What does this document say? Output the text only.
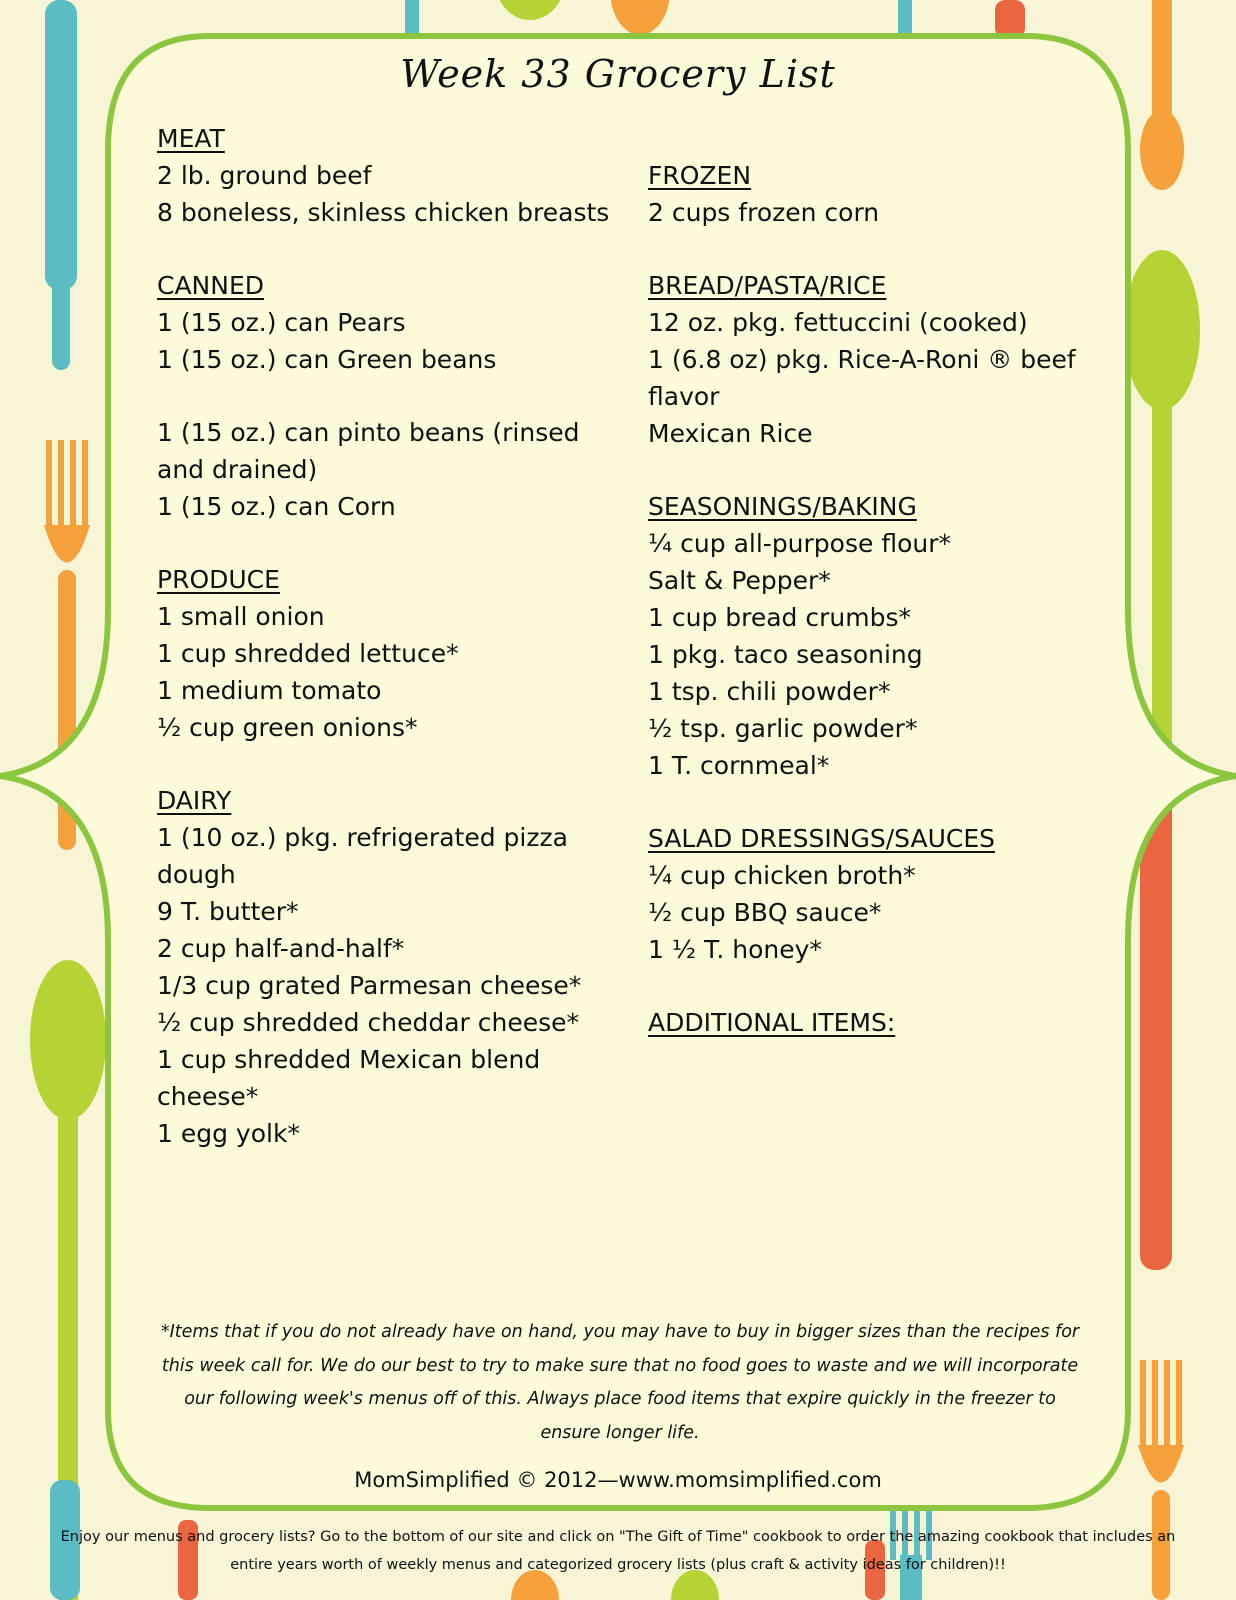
Week 33 Grocery List
MEAT
2 lb. ground beef
8 boneless, skinless chicken breasts
CANNED
1 (15 oz.) can Pears
1 (15 oz.) can Green beans
1 (15 oz.) can pinto beans (rinsed and drained)
1 (15 oz.) can Corn
PRODUCE
1 small onion
1 cup shredded lettuce*
1 medium tomato
½ cup green onions*
DAIRY
1 (10 oz.) pkg. refrigerated pizza dough
9 T. butter*
2 cup half-and-half*
1/3 cup grated Parmesan cheese*
½ cup shredded cheddar cheese*
1 cup shredded Mexican blend cheese*
1 egg yolk*
FROZEN
2 cups frozen corn
BREAD/PASTA/RICE
12 oz. pkg. fettuccini (cooked)
1 (6.8 oz) pkg. Rice-A-Roni ® beef flavor
Mexican Rice
SEASONINGS/BAKING
¼ cup all-purpose flour*
Salt & Pepper*
1 cup bread crumbs*
1 pkg. taco seasoning
1 tsp. chili powder*
½ tsp. garlic powder*
1 T. cornmeal*
SALAD DRESSINGS/SAUCES
¼ cup chicken broth*
½ cup BBQ sauce*
1 ½ T. honey*
ADDITIONAL ITEMS:
*Items that if you do not already have on hand, you may have to buy in bigger sizes than the recipes for this week call for. We do our best to try to make sure that no food goes to waste and we will incorporate our following week's menus off of this. Always place food items that expire quickly in the freezer to ensure longer life.
MomSimplified © 2012—www.momsimplified.com
Enjoy our menus and grocery lists? Go to the bottom of our site and click on "The Gift of Time" cookbook to order the amazing cookbook that includes an entire years worth of weekly menus and categorized grocery lists (plus craft & activity ideas for children)!!
